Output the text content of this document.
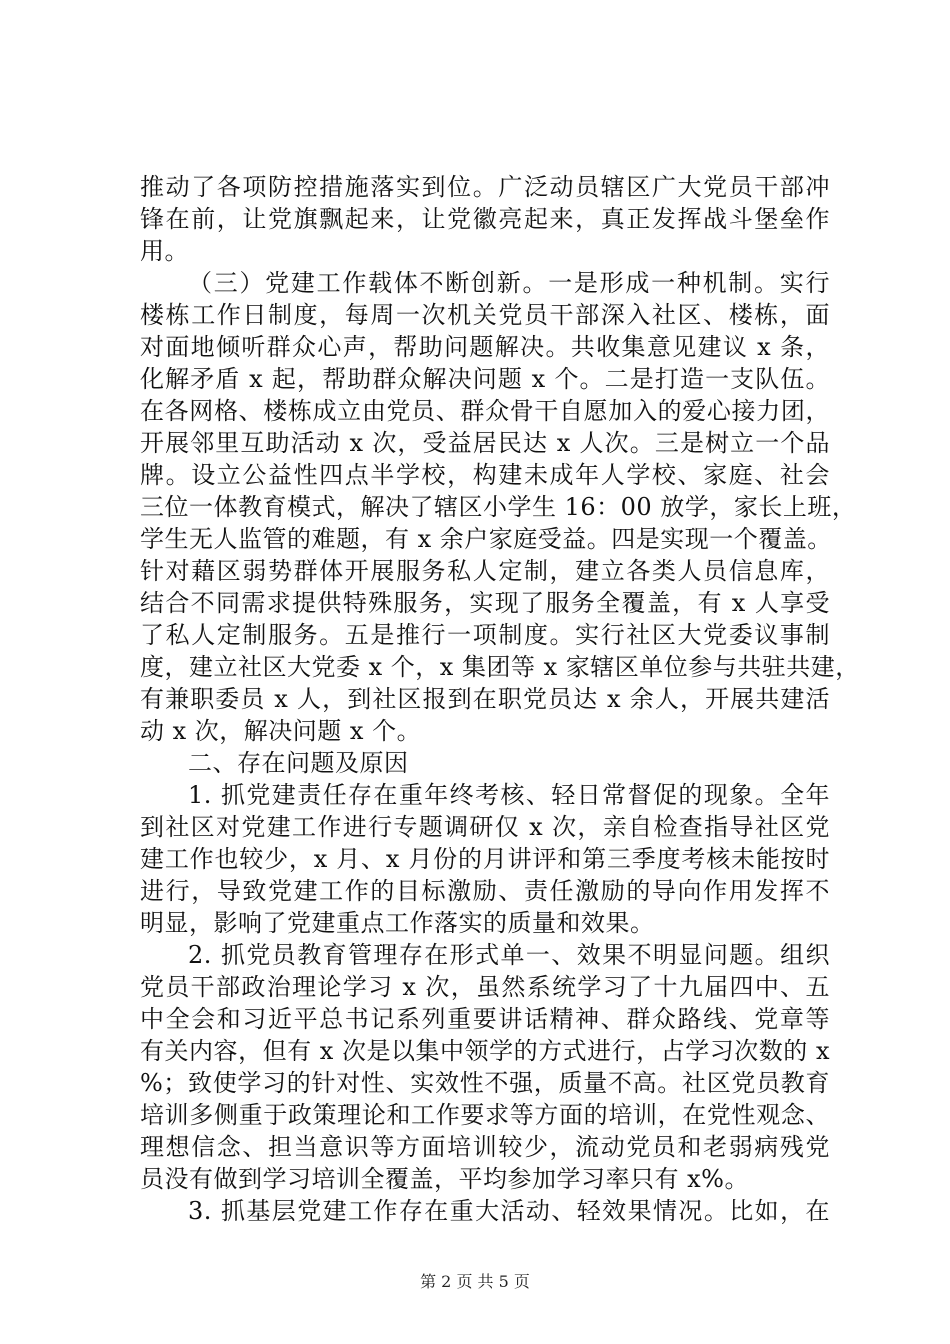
推动了各项防控措施落实到位。广泛动员辖区广大党员干部冲
锋在前，让党旗飘起来，让党徽亮起来，真正发挥战斗堡垒作
用。
（三）党建工作载体不断创新。一是形成一种机制。实行
楼栋工作日制度，每周一次机关党员干部深入社区、楼栋，面
对面地倾听群众心声，帮助问题解决。共收集意见建议 x 条，
化解矛盾 x 起，帮助群众解决问题 x 个。二是打造一支队伍。
在各网格、楼栋成立由党员、群众骨干自愿加入的爱心接力团，
开展邻里互助活动 x 次，受益居民达 x 人次。三是树立一个品
牌。设立公益性四点半学校，构建未成年人学校、家庭、社会
三位一体教育模式，解决了辖区小学生 16：00 放学，家长上班，
学生无人监管的难题，有 x 余户家庭受益。四是实现一个覆盖。
针对藉区弱势群体开展服务私人定制，建立各类人员信息库，
结合不同需求提供特殊服务，实现了服务全覆盖，有 x 人享受
了私人定制服务。五是推行一项制度。实行社区大党委议事制
度，建立社区大党委 x 个，x 集团等 x 家辖区单位参与共驻共建，
有兼职委员 x 人，到社区报到在职党员达 x 余人，开展共建活
动 x 次，解决问题 x 个。
二、存在问题及原因
1. 抓党建责任存在重年终考核、轻日常督促的现象。全年
到社区对党建工作进行专题调研仅 x 次，亲自检查指导社区党
建工作也较少，x 月、x 月份的月讲评和第三季度考核未能按时
进行，导致党建工作的目标激励、责任激励的导向作用发挥不
明显，影响了党建重点工作落实的质量和效果。
2. 抓党员教育管理存在形式单一、效果不明显问题。组织
党员干部政治理论学习 x 次，虽然系统学习了十九届四中、五
中全会和习近平总书记系列重要讲话精神、群众路线、党章等
有关内容，但有 x 次是以集中领学的方式进行，占学习次数的 x
%；致使学习的针对性、实效性不强，质量不高。社区党员教育
培训多侧重于政策理论和工作要求等方面的培训，在党性观念、
理想信念、担当意识等方面培训较少，流动党员和老弱病残党
员没有做到学习培训全覆盖，平均参加学习率只有 x%。
3. 抓基层党建工作存在重大活动、轻效果情况。比如，在
第 2 页 共 5 页
